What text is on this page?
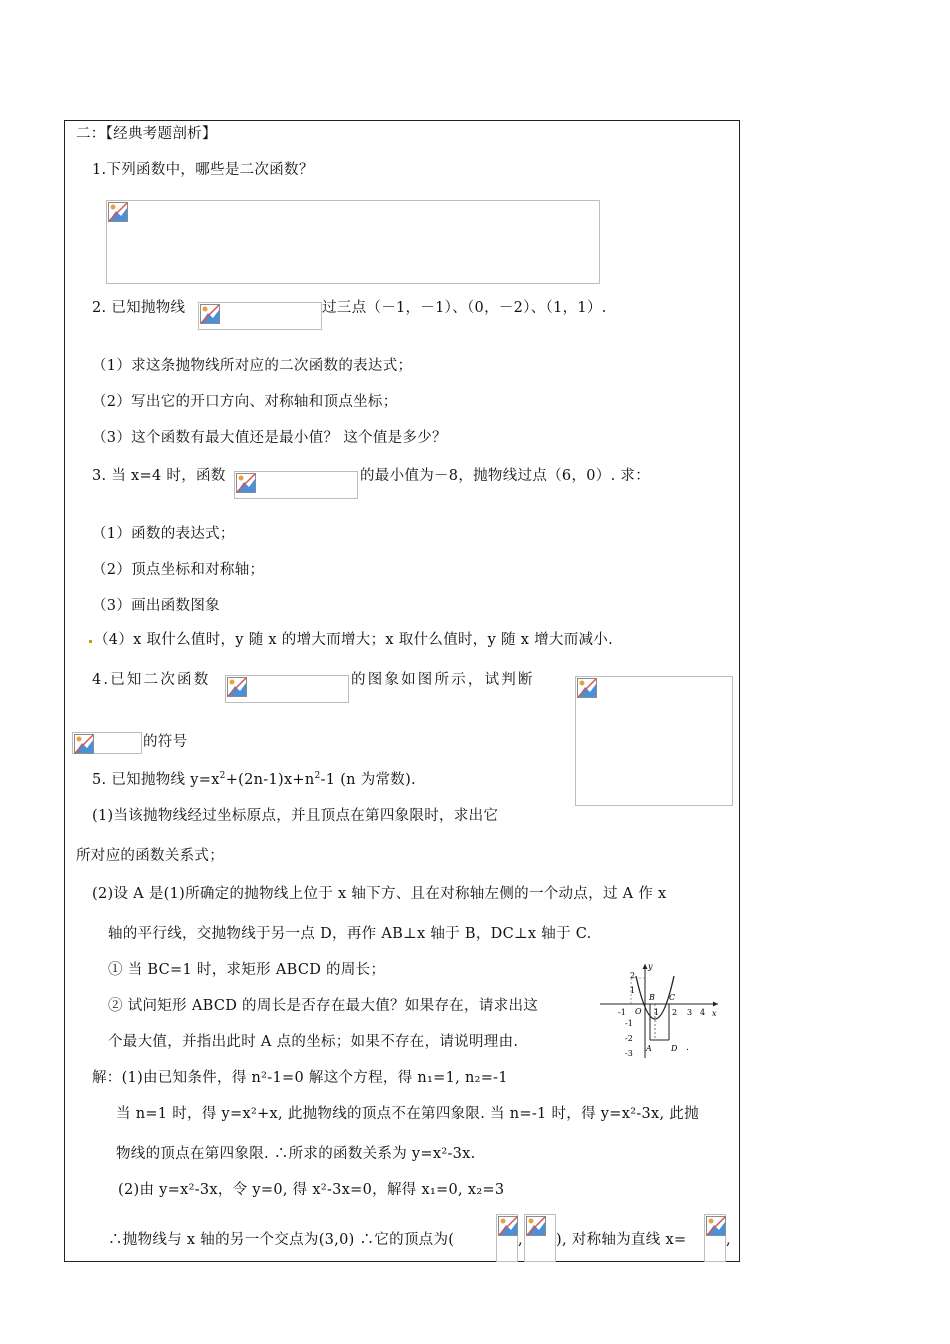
二：【经典考题剖析】
1.下列函数中，哪些是二次函数？
2. 已知抛物线	过三点（－1，－1）、（0，－2）、（1，1）.
（1）求这条抛物线所对应的二次函数的表达式；
（2）写出它的开口方向、对称轴和顶点坐标；
（3）这个函数有最大值还是最小值？ 这个值是多少？
3. 当 x=4 时，函数	的最小值为－8，抛物线过点（6，0）. 求：
（1）函数的表达式；
（2）顶点坐标和对称轴；
（3）画出函数图象
（4）x 取什么值时，y 随 x 的增大而增大；x 取什么值时，y 随 x 增大而减小.
4.已知二次函数	的图象如图所示，试判断
的符号
5. 已知抛物线 $y=x^2+(2n-1)x+n^2-1$ (n 为常数).
(1)当该抛物线经过坐标原点，并且顶点在第四象限时，求出它
所对应的函数关系式；
(2)设 A 是(1)所确定的抛物线上位于 x 轴下方、且在对称轴左侧的一个动点，过 A 作 x
轴的平行线，交抛物线于另一点 D，再作 AB⊥x 轴于 B，DC⊥x 轴于 C.
① 当 BC=1 时，求矩形 ABCD 的周长；
② 试问矩形 ABCD 的周长是否存在最大值？如果存在，请求出这
个最大值，并指出此时 A 点的坐标；如果不存在，请说明理由.
y
x
O
2
1
-1
-2
-3
-1	1 2 3 4
B C
A D .
解：(1)由已知条件，得 n²-1=0 解这个方程，得 n₁=1, n₂=-1
当 n=1 时，得 y=x²+x, 此抛物线的顶点不在第四象限. 当 n=-1 时，得 y=x²-3x, 此抛
物线的顶点在第四象限. ∴所求的函数关系为 y=x²-3x.
(2)由 y=x²-3x，令 y=0, 得 x²-3x=0，解得 x₁=0, x₂=3
∴抛物线与 x 轴的另一个交点为(3,0) ∴它的顶点为(	, ), 对称轴为直线 x=	,
